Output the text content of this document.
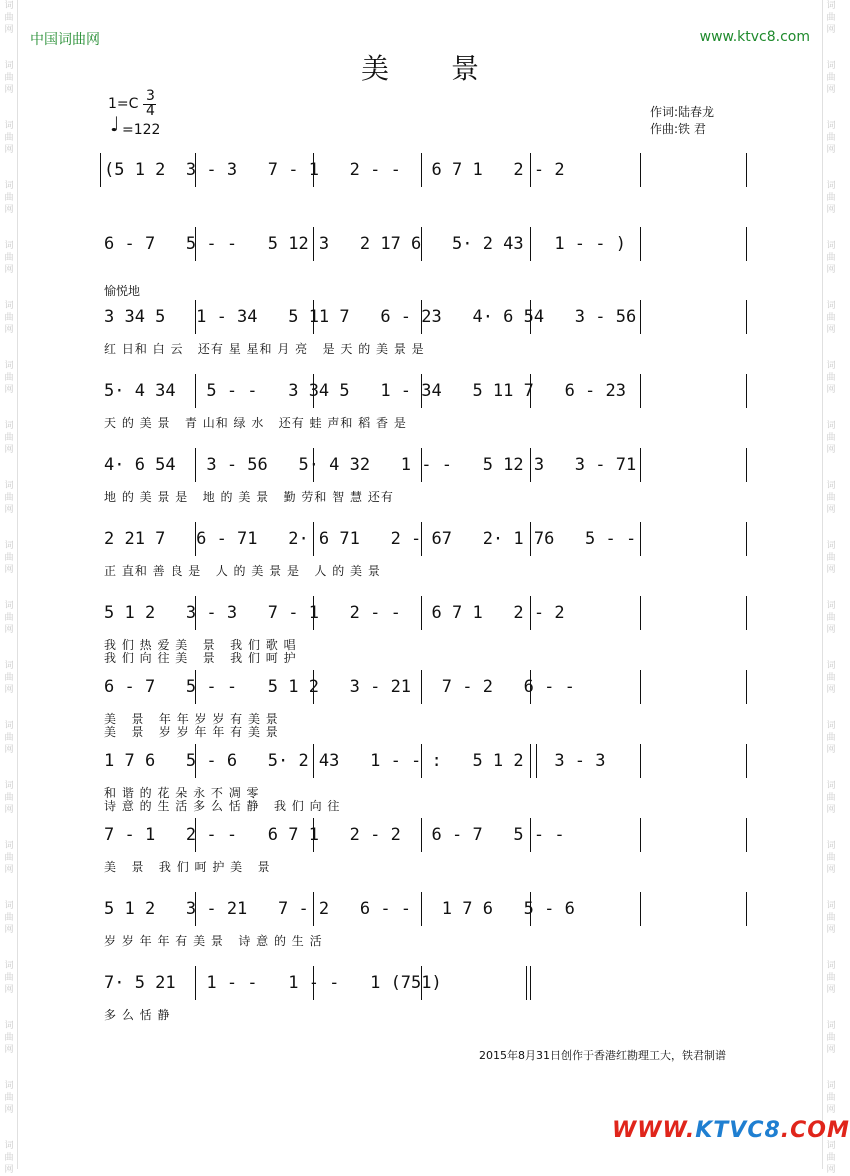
词
曲
网

词
曲
网

词
曲
网

词
曲
网

词
曲
网

词
曲
网

词
曲
网

词
曲
网

词
曲
网

词
曲
网

词
曲
网

词
曲
网

词
曲
网

词
曲
网

词
曲
网

词
曲
网

词
曲
网

词
曲
网

词
曲
网

词
曲
网
词
曲
网

词
曲
网

词
曲
网

词
曲
网

词
曲
网

词
曲
网

词
曲
网

词
曲
网

词
曲
网

词
曲
网

词
曲
网

词
曲
网

词
曲
网

词
曲
网

词
曲
网

词
曲
网

词
曲
网

词
曲
网

词
曲
网

词
曲
网
中国词曲网	www.ktvc8.com
美景
1=C 3
4
♩ =122
作词:陆春龙
作曲:铁 君
愉悦地
(5 1 2  3 - 3   7 - 1   2 - -   6 7 1   2 - 2
6 - 7   5 - -   5 12 3   2 17 6   5· 2 43   1 - - )
3 34 5   1 - 34   5 11 7   6 - 23   4· 6 54   3 - 56
红 日和 白 云   还有 星 星和 月 亮   是 天 的 美 景 是
5· 4 34   5 - -   3 34 5   1 - 34   5 11 7   6 - 23
天 的 美 景   青 山和 绿 水   还有 蛙 声和 稻 香 是
4· 6 54   3 - 56   5· 4 32   1 - -   5 12 3   3 - 71
地 的 美 景 是   地 的 美 景   勤 劳和 智 慧 还有
2 21 7   6 - 71   2· 6 71   2 - 67   2· 1 76   5 - -
正 直和 善 良 是   人 的 美 景 是   人 的 美 景
5 1 2   3 - 3   7 - 1   2 - -   6 7 1   2 - 2
我 们 热 爱 美   景   我 们 歌 唱
我 们 向 往 美   景   我 们 呵 护
6 - 7   5 - -   5 1 2   3 - 21   7 - 2   6 - -
美   景   年 年 岁 岁 有 美 景
美   景   岁 岁 年 年 有 美 景
1 7 6   5 - 6   5· 2 43   1 - - :   5 1 2   3 - 3
和 谐 的 花 朵 永 不 凋 零
诗 意 的 生 活 多 么 恬 静   我 们 向 往
7 - 1   2 - -   6 7 1   2 - 2   6 - 7   5 - -
美   景   我 们 呵 护 美   景
5 1 2   3 - 21   7 - 2   6 - -   1 7 6   5 - 6
岁 岁 年 年 有 美 景   诗 意 的 生 活
7· 5 21   1 - -   1 - -   1 (751)
多 么 恬 静
2015年8月31日创作于香港红勘理工大，铁君制谱
WWW.KTVC8.COM
